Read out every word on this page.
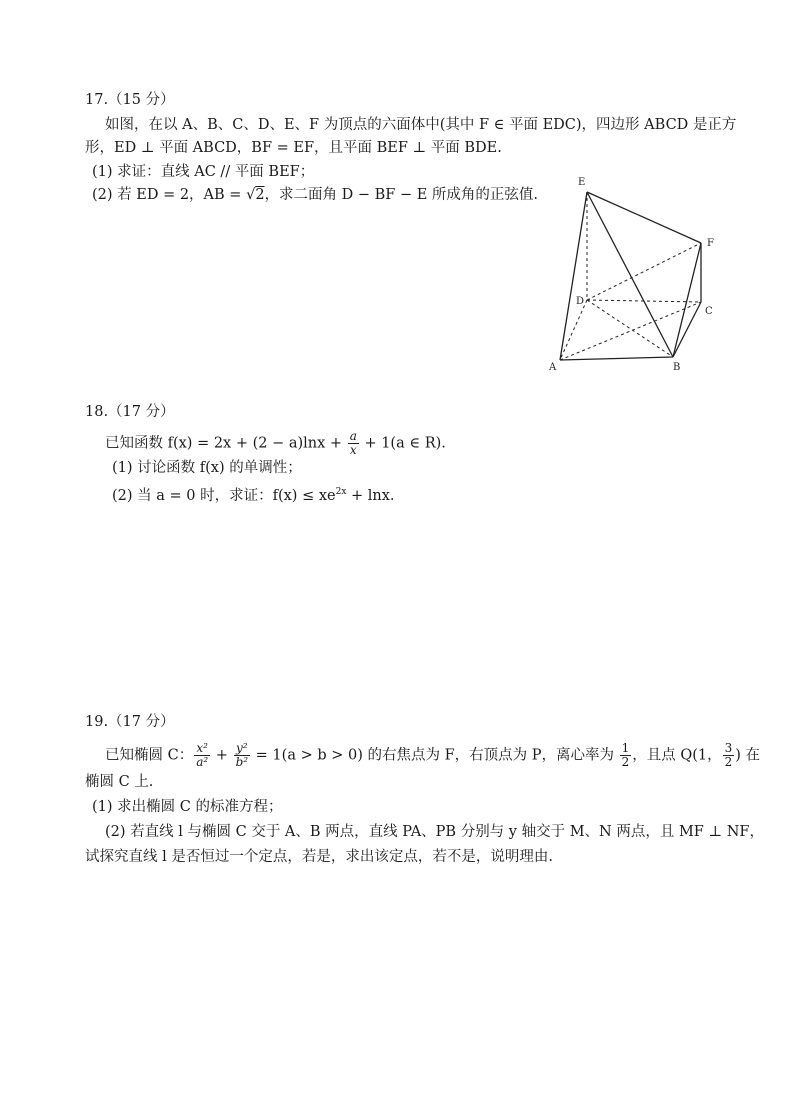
17.（15 分）
如图，在以 A、B、C、D、E、F 为顶点的六面体中(其中 F ∈ 平面 EDC)，四边形 ABCD 是正方
形，ED ⊥ 平面 ABCD，BF = EF，且平面 BEF ⊥ 平面 BDE.
(1) 求证：直线 AC // 平面 BEF；
(2) 若 ED = 2，AB = √2，求二面角 D − BF − E 所成角的正弦值.
E
F
D
C
A	B
18.（17 分）
已知函数 $f(x) = 2x + (2 - a)\ln x + \frac{a}{x} + 1(a$ ∈ R).
(1) 讨论函数 f(x) 的单调性；
(2) 当 a = 0 时，求证：$f(x) \le xe^{2x} + \ln x$.
19.（17 分）
已知椭圆 C： $\frac{\text{x²}}{\text{a²}} + \frac{\text{y²}}{\text{b²}} = 1(a > b > 0)$ 的右焦点为 F，右顶点为 P，离心率为 $\frac{1}{2}$ ，且点 Q(1， $\frac{3}{2}$ ) 在
椭圆 C 上.
(1) 求出椭圆 C 的标准方程；
(2) 若直线 l 与椭圆 C 交于 A、B 两点，直线 PA、PB 分别与 y 轴交于 M、N 两点，且 MF ⊥ NF，
试探究直线 l 是否恒过一个定点，若是，求出该定点，若不是，说明理由.
